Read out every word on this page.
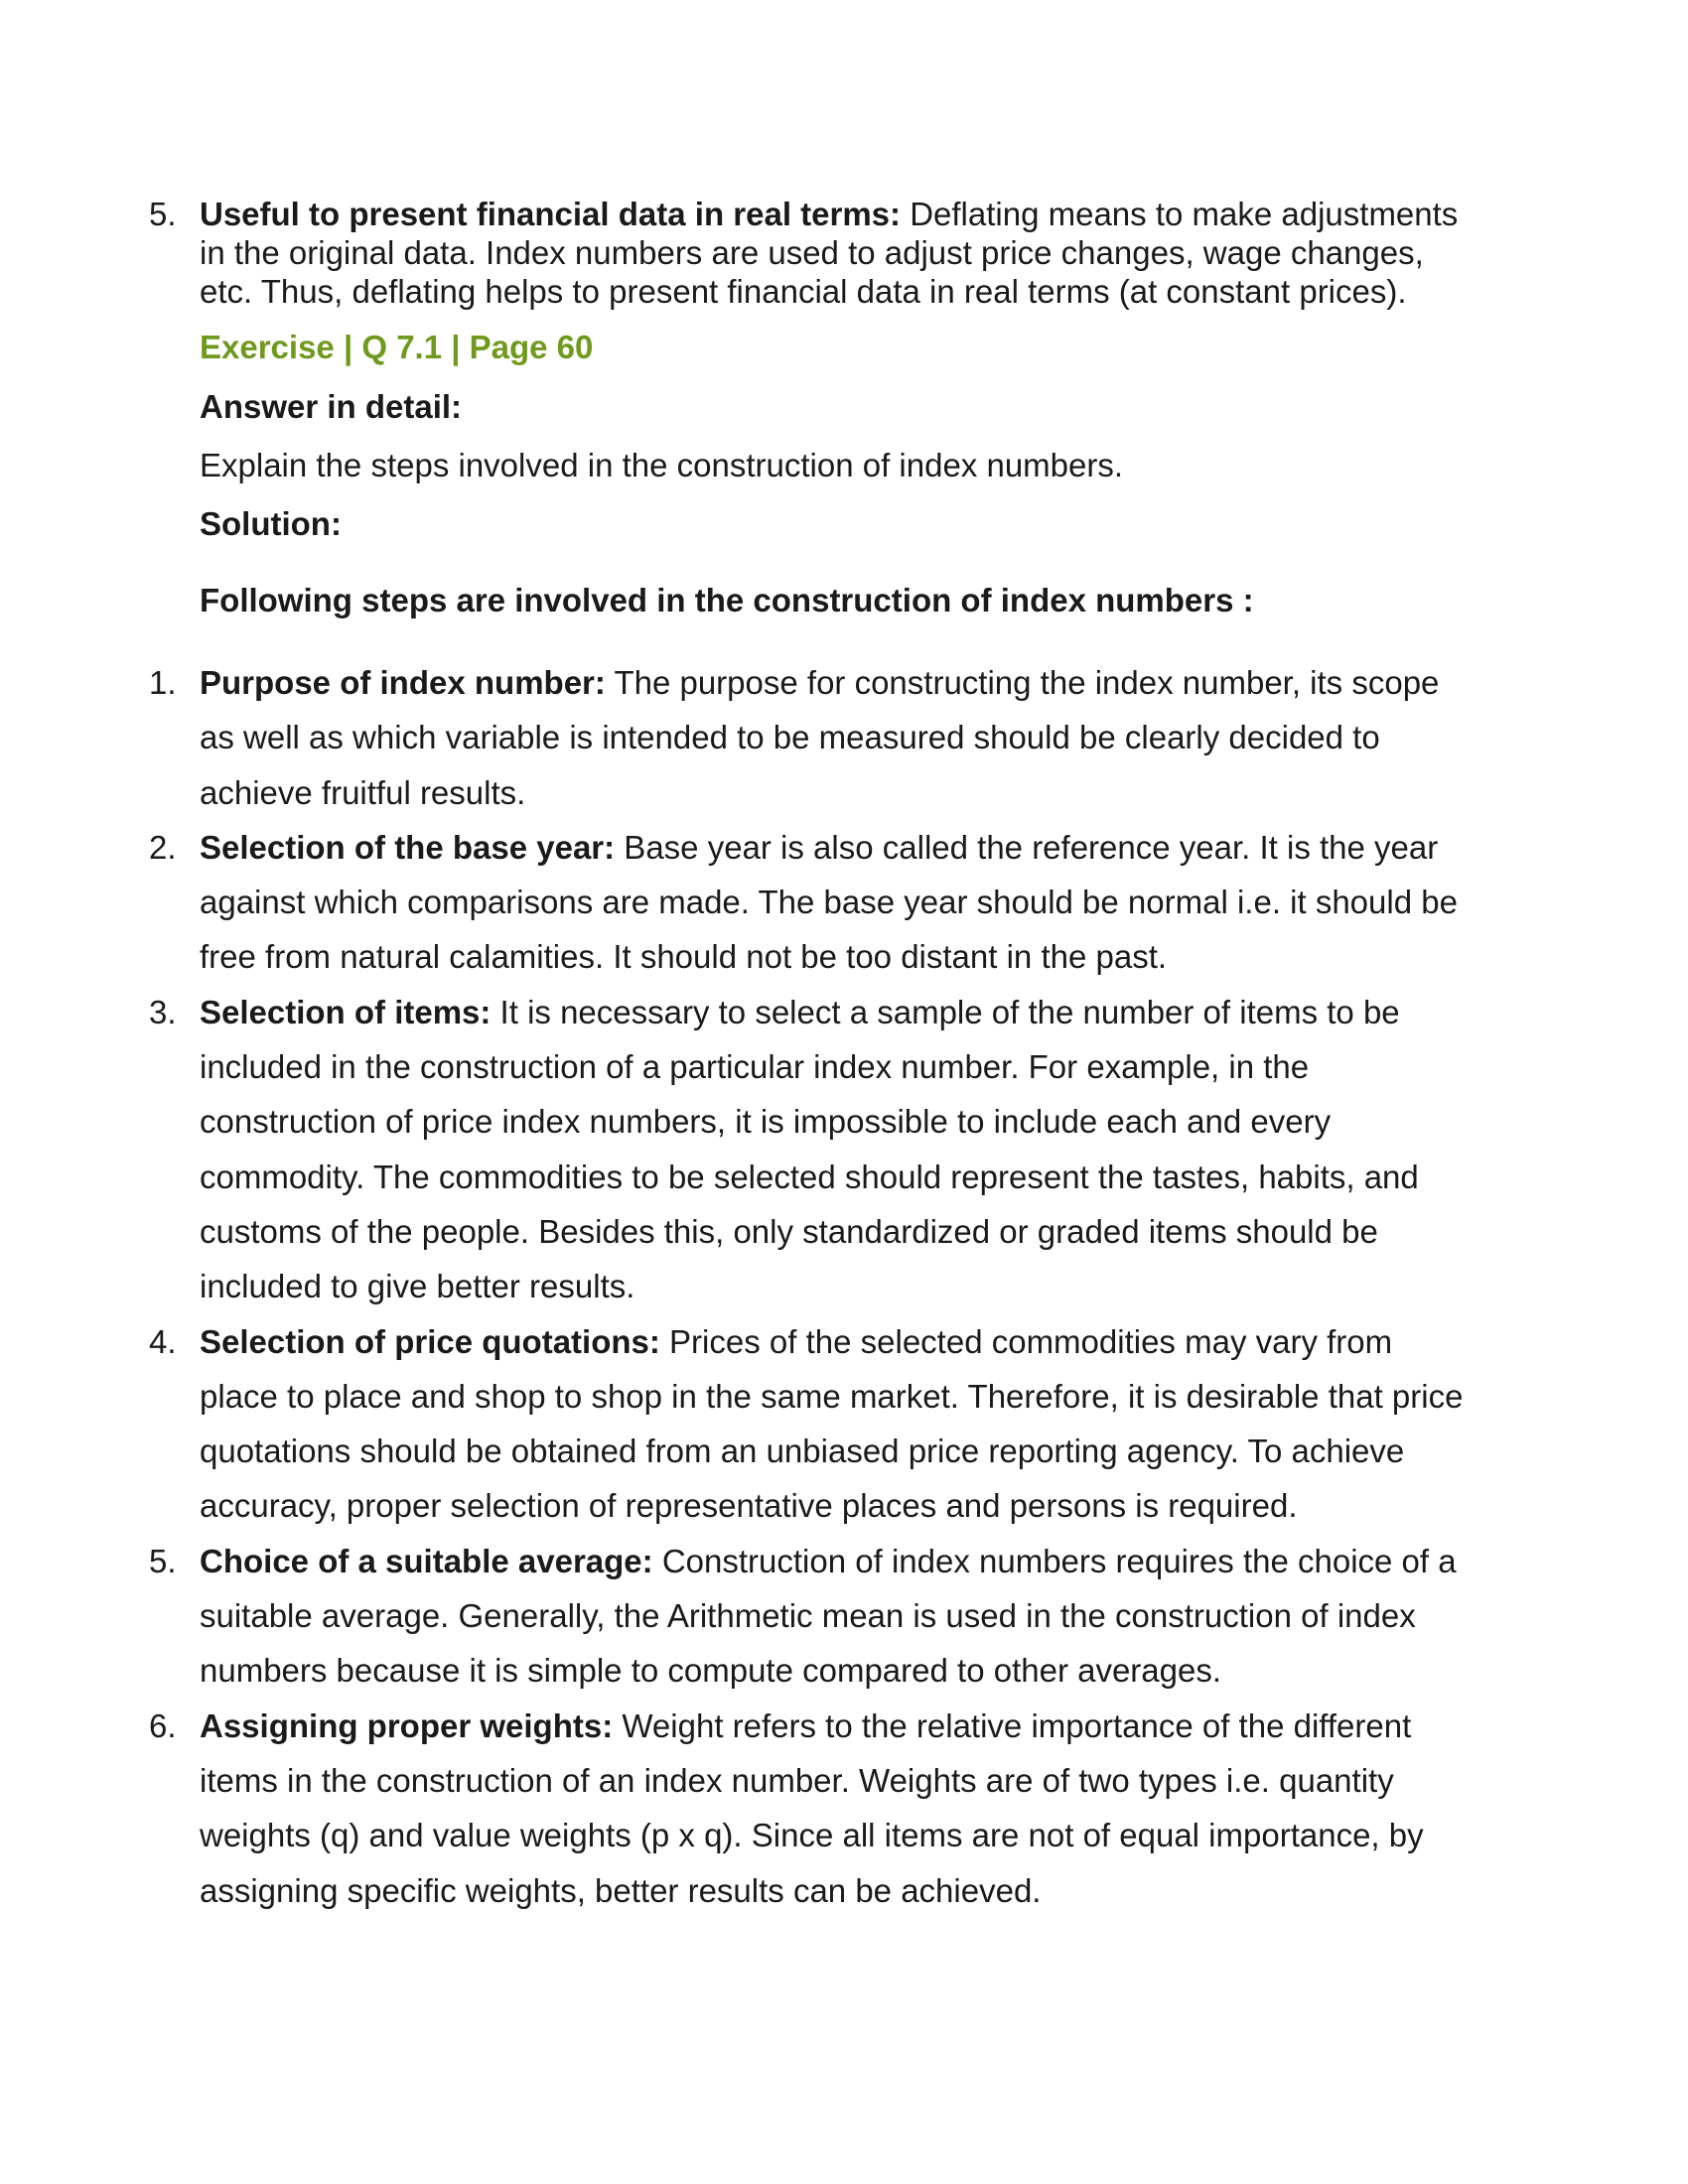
5. Useful to present financial data in real terms: Deflating means to make adjustments in the original data. Index numbers are used to adjust price changes, wage changes, etc. Thus, deflating helps to present financial data in real terms (at constant prices).
Exercise | Q 7.1 | Page 60
Answer in detail:
Explain the steps involved in the construction of index numbers.
Solution:
Following steps are involved in the construction of index numbers :
1. Purpose of index number: The purpose for constructing the index number, its scope as well as which variable is intended to be measured should be clearly decided to achieve fruitful results.
2. Selection of the base year: Base year is also called the reference year. It is the year against which comparisons are made. The base year should be normal i.e. it should be free from natural calamities. It should not be too distant in the past.
3. Selection of items: It is necessary to select a sample of the number of items to be included in the construction of a particular index number. For example, in the construction of price index numbers, it is impossible to include each and every commodity. The commodities to be selected should represent the tastes, habits, and customs of the people. Besides this, only standardized or graded items should be included to give better results.
4. Selection of price quotations: Prices of the selected commodities may vary from place to place and shop to shop in the same market. Therefore, it is desirable that price quotations should be obtained from an unbiased price reporting agency. To achieve accuracy, proper selection of representative places and persons is required.
5. Choice of a suitable average: Construction of index numbers requires the choice of a suitable average. Generally, the Arithmetic mean is used in the construction of index numbers because it is simple to compute compared to other averages.
6. Assigning proper weights: Weight refers to the relative importance of the different items in the construction of an index number. Weights are of two types i.e. quantity weights (q) and value weights (p x q). Since all items are not of equal importance, by assigning specific weights, better results can be achieved.
